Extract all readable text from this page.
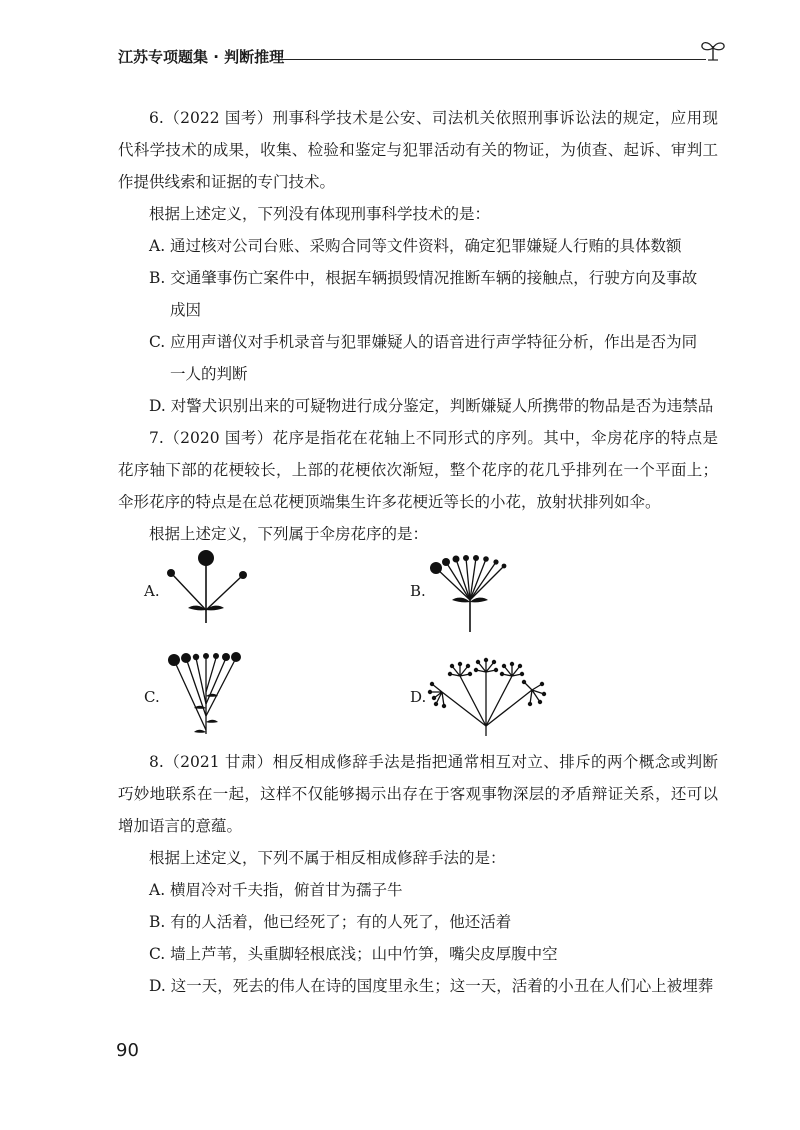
江苏专项题集 · 判断推理

6.（2022 国考）刑事科学技术是公安、司法机关依照刑事诉讼法的规定，应用现代科学技术的成果，收集、检验和鉴定与犯罪活动有关的物证，为侦查、起诉、审判工作提供线索和证据的专门技术。

根据上述定义，下列没有体现刑事科学技术的是：

A. 通过核对公司台账、采购合同等文件资料，确定犯罪嫌疑人行贿的具体数额

B. 交通肇事伤亡案件中，根据车辆损毁情况推断车辆的接触点，行驶方向及事故

成因

C. 应用声谱仪对手机录音与犯罪嫌疑人的语音进行声学特征分析，作出是否为同

一人的判断

D. 对警犬识别出来的可疑物进行成分鉴定，判断嫌疑人所携带的物品是否为违禁品

7.（2020 国考）花序是指花在花轴上不同形式的序列。其中，伞房花序的特点是花序轴下部的花梗较长，上部的花梗依次渐短，整个花序的花几乎排列在一个平面上；伞形花序的特点是在总花梗顶端集生许多花梗近等长的小花，放射状排列如伞。

根据上述定义，下列属于伞房花序的是：

A.	B.
C.	D.

8.（2021 甘肃）相反相成修辞手法是指把通常相互对立、排斥的两个概念或判断巧妙地联系在一起，这样不仅能够揭示出存在于客观事物深层的矛盾辩证关系，还可以增加语言的意蕴。

根据上述定义，下列不属于相反相成修辞手法的是：

A. 横眉冷对千夫指，俯首甘为孺子牛

B. 有的人活着，他已经死了；有的人死了，他还活着

C. 墙上芦苇，头重脚轻根底浅；山中竹笋，嘴尖皮厚腹中空

D. 这一天，死去的伟人在诗的国度里永生；这一天，活着的小丑在人们心上被埋葬

90
